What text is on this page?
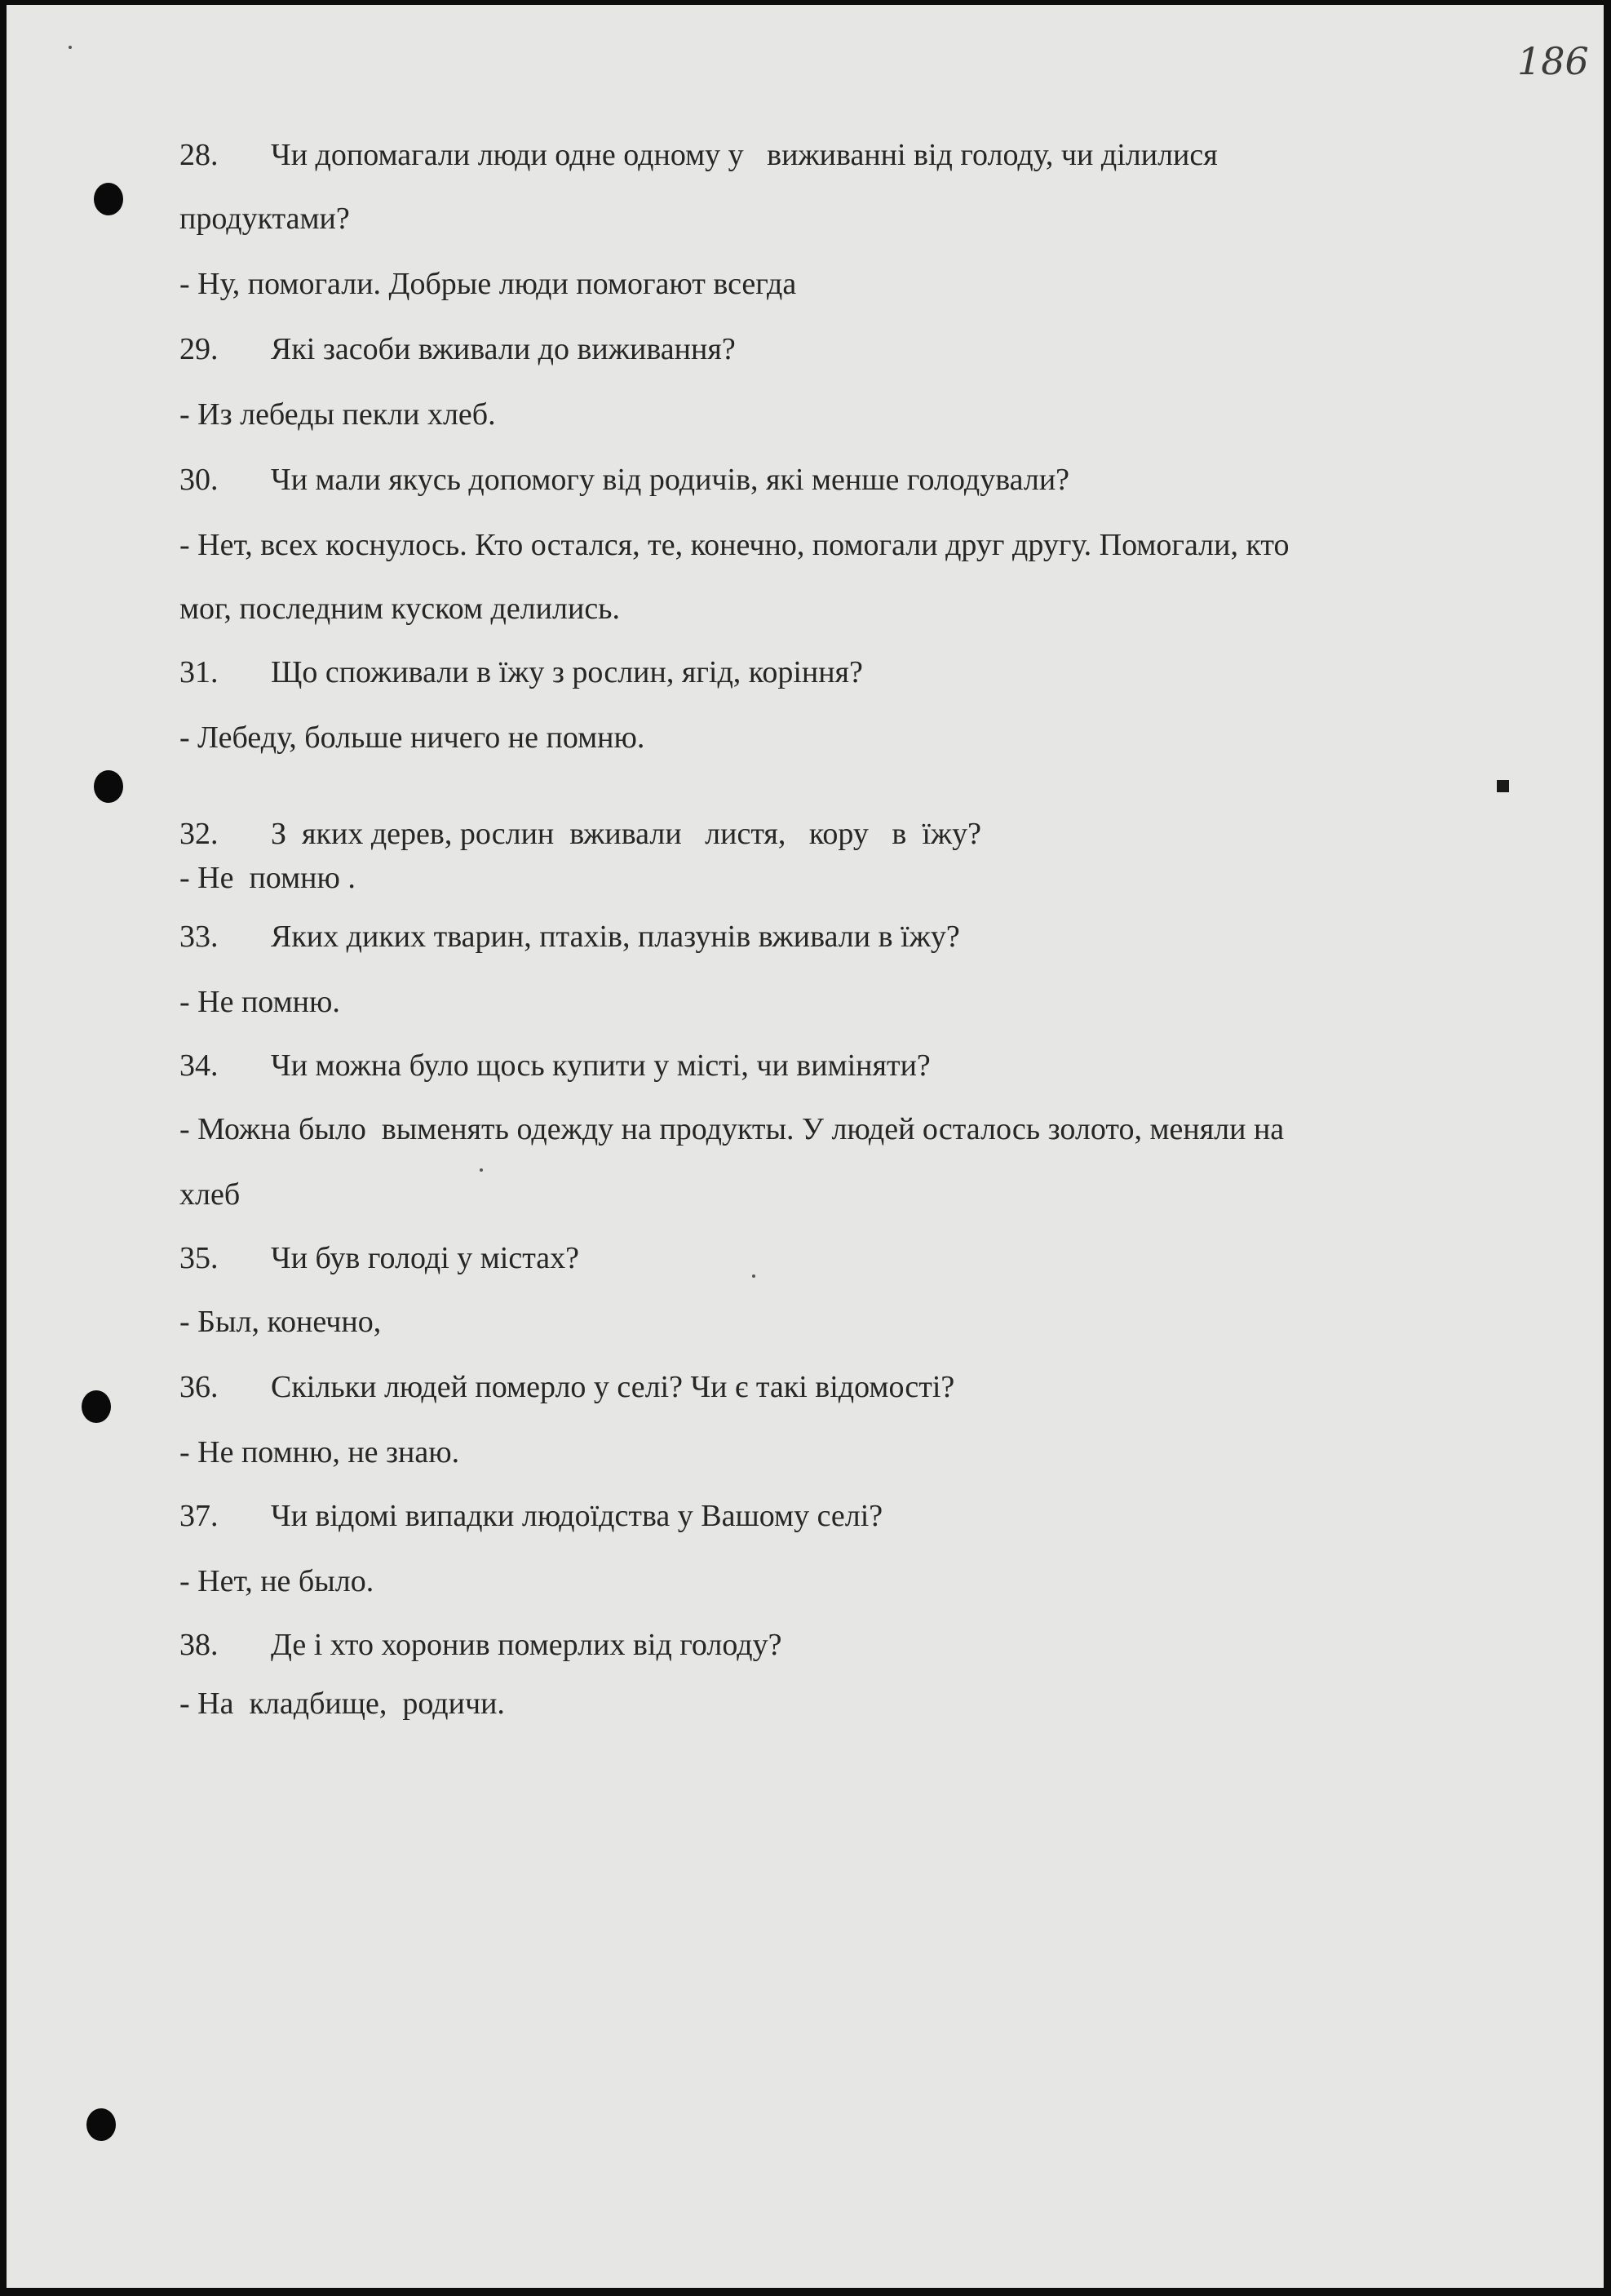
186
28. Чи допомагали люди одне одному у   виживанні від голоду, чи ділилися
продуктами?
- Ну, помогали. Добрые люди помогают всегда
29. Які засоби вживали до виживання?
- Из лебеды пекли хлеб.
30. Чи мали якусь допомогу від родичів, які менше голодували?
- Нет, всех коснулось. Кто остался, те, конечно, помогали друг другу. Помогали, кто
мог, последним куском делились.
31. Що споживали в їжу з рослин, ягід, коріння?
- Лебеду, больше ничего не помню.
32. З  яких дерев, рослин  вживали   листя,   кору   в  їжу?
- Не  помню .
33. Яких диких тварин, птахів, плазунів вживали в їжу?
- Не помню.
34. Чи можна було щось купити у місті, чи виміняти?
- Можна было  выменять одежду на продукты. У людей осталось золото, меняли на
хлеб
35. Чи був голоді у містах?
- Был, конечно,
36. Скільки людей померло у селі? Чи є такі відомості?
- Не помню, не знаю.
37. Чи відомі випадки людоїдства у Вашому селі?
- Нет, не было.
38. Де і хто хоронив померлих від голоду?
- На  кладбище,  родичи.
